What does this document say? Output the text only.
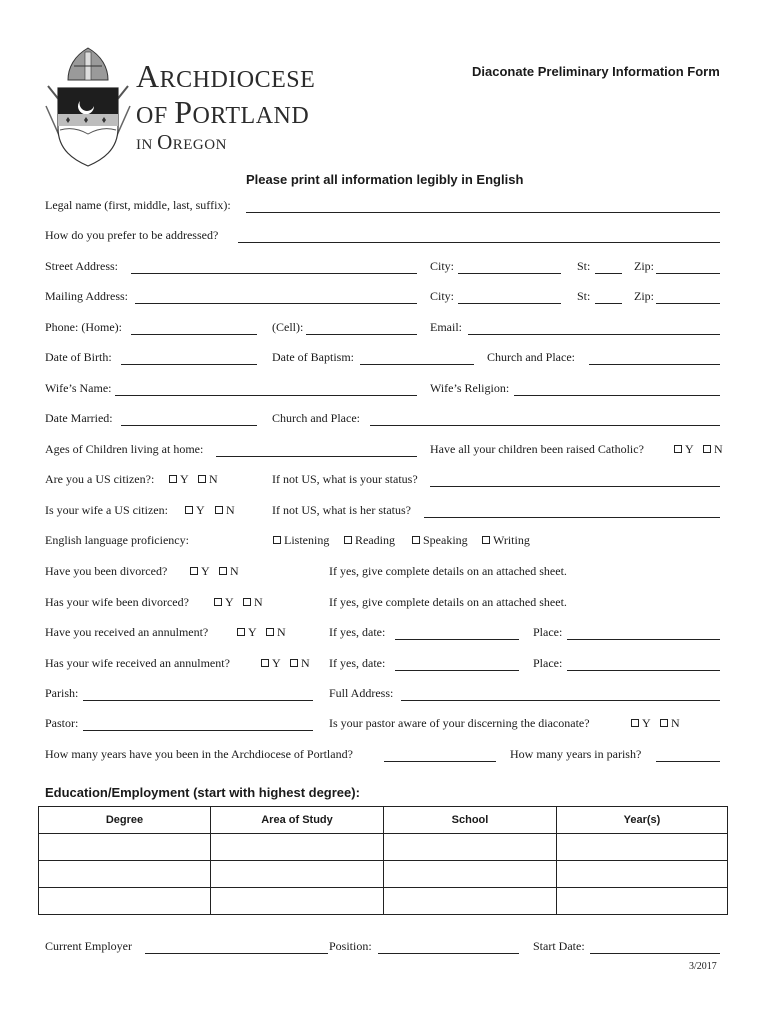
ARCHDIOCESE
OF PORTLAND
IN OREGON
Diaconate Preliminary Information Form
Please print all information legibly in English
Legal name (first, middle, last, suffix):
How do you prefer to be addressed?
Street Address:	City:	St:	Zip:
Mailing Address:	City:	St:	Zip:
Phone: (Home):	(Cell):	Email:
Date of Birth:	Date of Baptism:	Church and Place:
Wife’s Name:	Wife’s Religion:
Date Married:	Church and Place:
Ages of Children living at home:	Have all your children been raised Catholic?	Y	N
Are you a US citizen?:	Y	N	If not US, what is your status?
Is your wife a US citizen:	Y	N	If not US, what is her status?
English language proficiency:	Listening	Reading	Speaking	Writing
Have you been divorced?	Y	N	If yes, give complete details on an attached sheet.
Has your wife been divorced?	Y	N	If yes, give complete details on an attached sheet.
Have you received an annulment?	Y	N	If yes, date:	Place:
Has your wife received an annulment?	Y	N If yes, date:	Place:
Parish:	Full Address:
Pastor:	Is your pastor aware of your discerning the diaconate?	Y	N
How many years have you been in the Archdiocese of Portland?	How many years in parish?
Education/Employment (start with highest degree):
Degree	Area of Study	School	Year(s)

Current Employer	Position:	Start Date:
3/2017
